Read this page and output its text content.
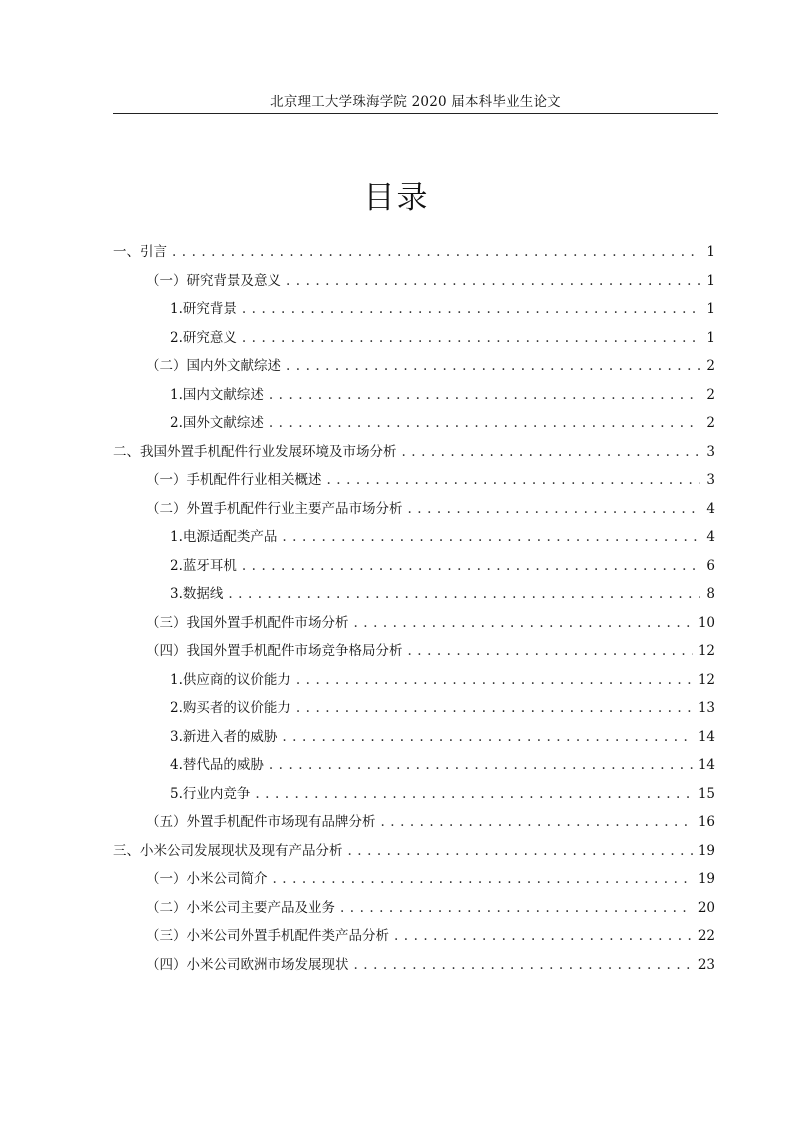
北京理工大学珠海学院 2020 届本科毕业生论文
目录
一、引言 . . .	1
（一）研究背景及意义 . . .	1
1.研究背景 . . .	1
2.研究意义 . . .	1
（二）国内外文献综述 . . .	2
1.国内文献综述 . . .	2
2.国外文献综述 . . .	2
二、我国外置手机配件行业发展环境及市场分析 . . .	3
（一）手机配件行业相关概述 . . .	3
（二）外置手机配件行业主要产品市场分析 . . .	4
1.电源适配类产品 . . .	4
2.蓝牙耳机 . . .	6
3.数据线 . . .	8
（三）我国外置手机配件市场分析 . . .	10
（四）我国外置手机配件市场竞争格局分析 . . .	12
1.供应商的议价能力 . . .	12
2.购买者的议价能力 . . .	13
3.新进入者的威胁 . . .	14
4.替代品的威胁 . . .	14
5.行业内竞争 . . .	15
（五）外置手机配件市场现有品牌分析 . . .	16
三、小米公司发展现状及现有产品分析 . . .	19
（一）小米公司简介 . . .	19
（二）小米公司主要产品及业务 . . .	20
（三）小米公司外置手机配件类产品分析 . . .	22
（四）小米公司欧洲市场发展现状 . . .	23
